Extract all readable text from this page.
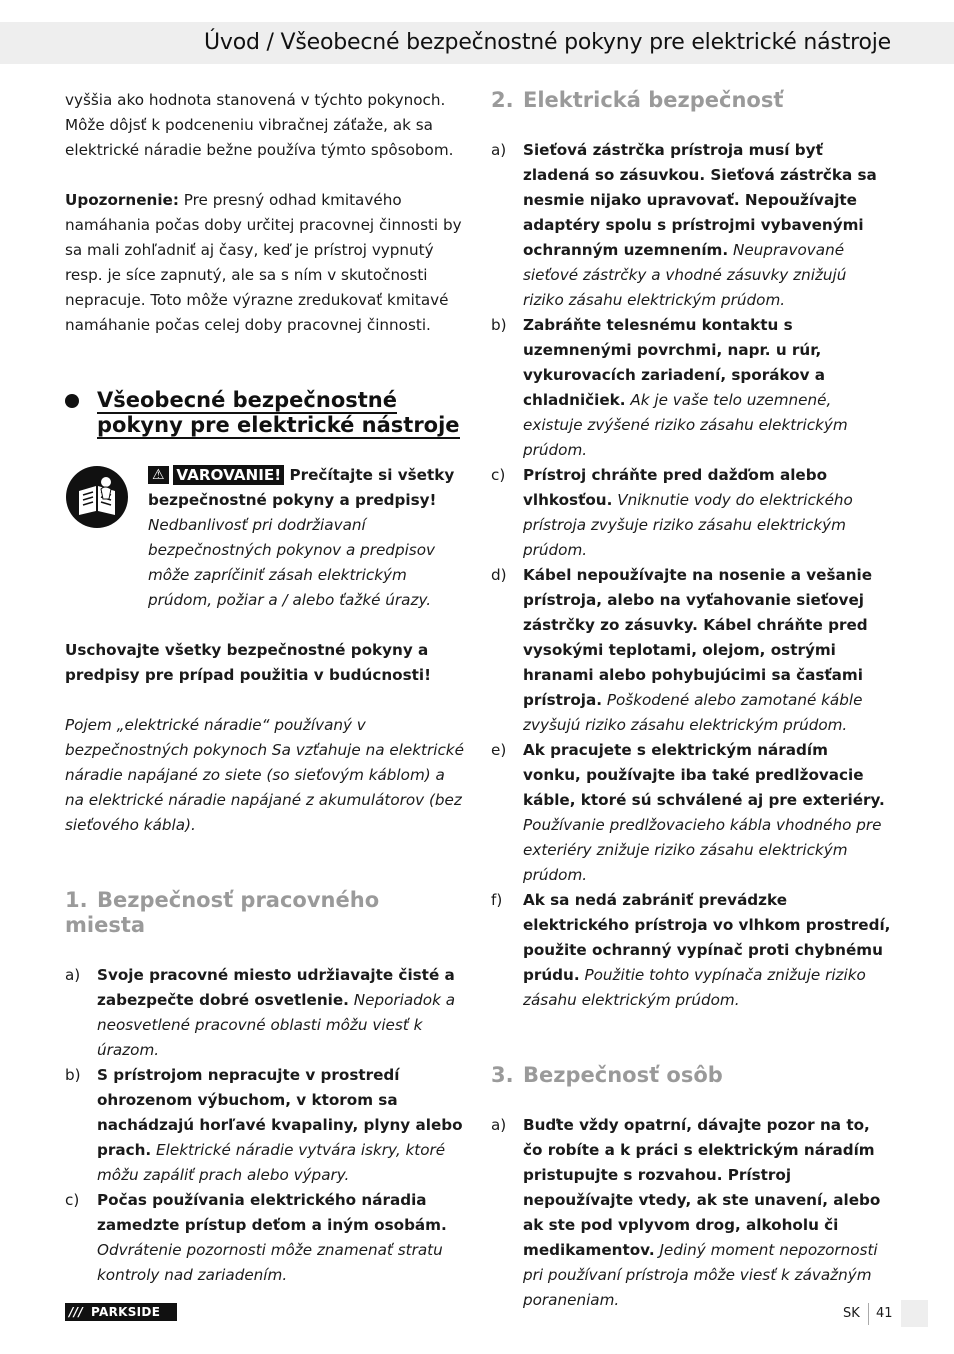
Úvod / Všeobecné bezpečnostné pokyny pre elektrické nástroje

vyššia ako hodnota stanovená v týchto pokynoch. Môže dôjsť k podceneniu vibračnej záťaže, ak sa elektrické náradie bežne používa týmto spôsobom.

Upozornenie: Pre presný odhad kmitavého namáhania počas doby určitej pracovnej činnosti by sa mali zohľadniť aj časy, keď je prístroj vypnutý resp. je síce zapnutý, ale sa s ním v skutočnosti nepracuje. Toto môže výrazne zredukovať kmitavé namáhanie počas celej doby pracovnej činnosti.

Všeobecné bezpečnostné pokyny pre elektrické nástroje

⚠ VAROVANIE! Prečítajte si všetky bezpečnostné pokyny a predpisy! Nedbanlivosť pri dodržiavaní bezpečnostných pokynov a predpisov môže zapríčiniť zásah elektrickým prúdom, požiar a / alebo ťažké úrazy.

Uschovajte všetky bezpečnostné pokyny a predpisy pre prípad použitia v budúcnosti!

Pojem „elektrické náradie“ používaný v bezpečnostných pokynoch Sa vzťahuje na elektrické náradie napájané zo siete (so sieťovým káblom) a na elektrické náradie napájané z akumulátorov (bez sieťového kábla).

1. Bezpečnosť pracovného miesta
a) Svoje pracovné miesto udržiavajte čisté a zabezpečte dobré osvetlenie. Neporiadok a neosvetlené pracovné oblasti môžu viesť k úrazom.
b) S prístrojom nepracujte v prostredí ohrozenom výbuchom, v ktorom sa nachádzajú horľavé kvapaliny, plyny alebo prach. Elektrické náradie vytvára iskry, ktoré môžu zapáliť prach alebo výpary.
c) Počas používania elektrického náradia zamedzte prístup deťom a iným osobám. Odvrátenie pozornosti môže znamenať stratu kontroly nad zariadením.
2. Elektrická bezpečnosť
a) Sieťová zástrčka prístroja musí byť zladená so zásuvkou. Sieťová zástrčka sa nesmie nijako upravovať. Nepoužívajte adaptéry spolu s prístrojmi vybavenými ochranným uzemnením. Neupravované sieťové zástrčky a vhodné zásuvky znižujú riziko zásahu elektrickým prúdom.
b) Zabráňte telesnému kontaktu s uzemnenými povrchmi, napr. u rúr, vykurovacích zariadení, sporákov a chladničiek. Ak je vaše telo uzemnené, existuje zvýšené riziko zásahu elektrickým prúdom.
c) Prístroj chráňte pred dažďom alebo vlhkosťou. Vniknutie vody do elektrického prístroja zvyšuje riziko zásahu elektrickým prúdom.
d) Kábel nepoužívajte na nosenie a vešanie prístroja, alebo na vyťahovanie sieťovej zástrčky zo zásuvky. Kábel chráňte pred vysokými teplotami, olejom, ostrými hranami alebo pohybujúcimi sa časťami prístroja. Poškodené alebo zamotané káble zvyšujú riziko zásahu elektrickým prúdom.
e) Ak pracujete s elektrickým náradím vonku, používajte iba také predlžovacie káble, ktoré sú schválené aj pre exteriéry. Používanie predlžovacieho kábla vhodného pre exteriéry znižuje riziko zásahu elektrickým prúdom.
f) Ak sa nedá zabrániť prevádzke elektrického prístroja vo vlhkom prostredí, použite ochranný vypínač proti chybnému prúdu. Použitie tohto vypínača znižuje riziko zásahu elektrickým prúdom.
3. Bezpečnosť osôb
a) Buďte vždy opatrní, dávajte pozor na to, čo robíte a k práci s elektrickým náradím pristupujte s rozvahou. Prístroj nepoužívajte vtedy, ak ste unavení, alebo ak ste pod vplyvom drog, alkoholu či medikamentov. Jediný moment nepozornosti pri používaní prístroja môže viesť k závažným poraneniam.
/// PARKSIDE	SK 41
